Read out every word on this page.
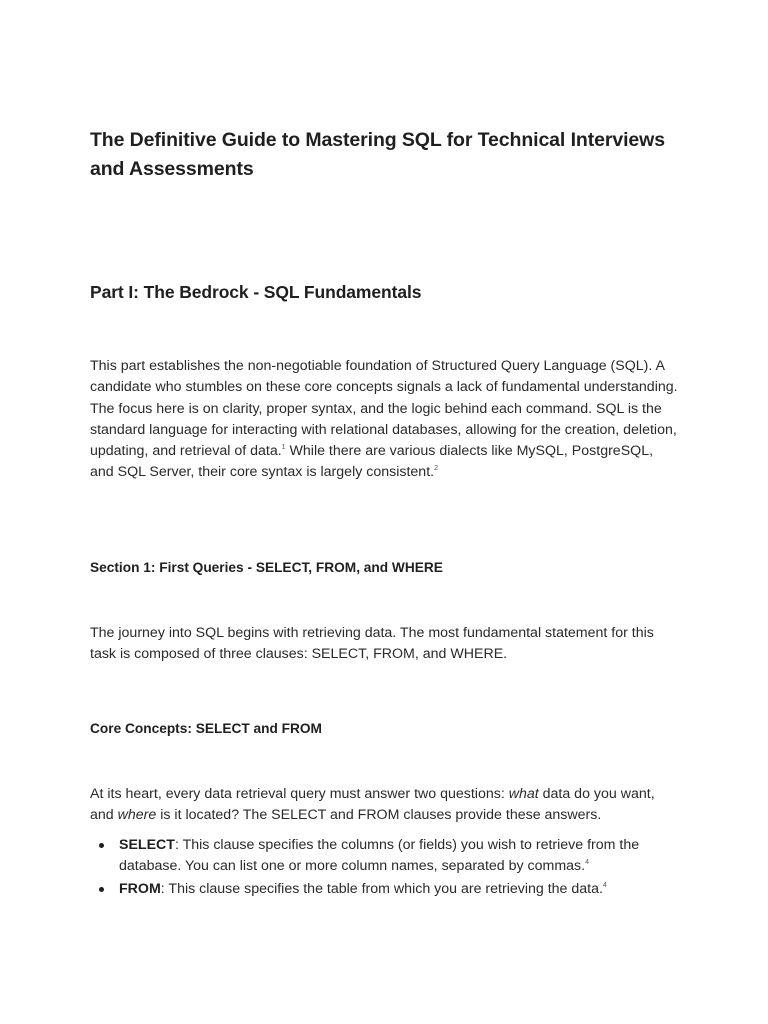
The Definitive Guide to Mastering SQL for Technical Interviews and Assessments
Part I: The Bedrock - SQL Fundamentals

This part establishes the non-negotiable foundation of Structured Query Language (SQL). A candidate who stumbles on these core concepts signals a lack of fundamental understanding. The focus here is on clarity, proper syntax, and the logic behind each command. SQL is the standard language for interacting with relational databases, allowing for the creation, deletion, updating, and retrieval of data.$^1$ While there are various dialects like MySQL, PostgreSQL, and SQL Server, their core syntax is largely consistent.$^2$

Section 1: First Queries - SELECT, FROM, and WHERE

The journey into SQL begins with retrieving data. The most fundamental statement for this task is composed of three clauses: SELECT, FROM, and WHERE.

Core Concepts: SELECT and FROM

At its heart, every data retrieval query must answer two questions: what data do you want, and where is it located? The SELECT and FROM clauses provide these answers.

SELECT: This clause specifies the columns (or fields) you wish to retrieve from the database. You can list one or more column names, separated by commas.$^4$
FROM: This clause specifies the table from which you are retrieving the data.$^4$
